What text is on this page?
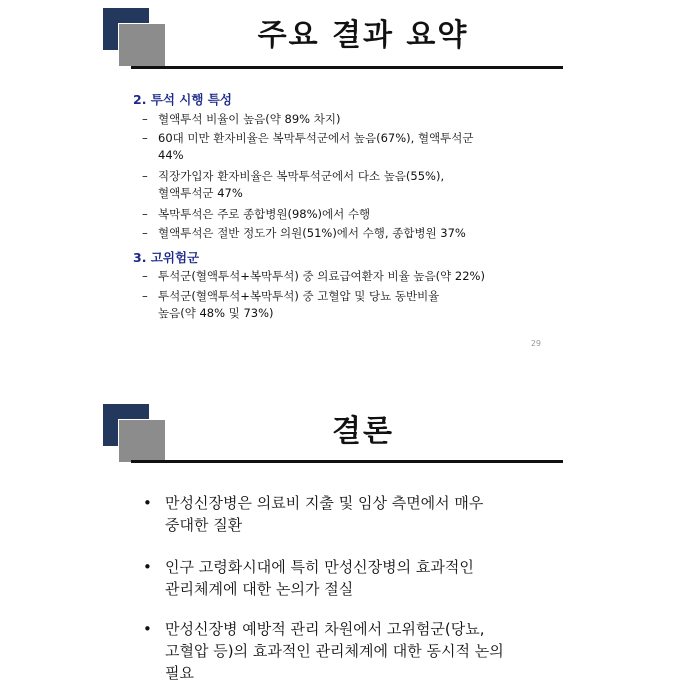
주요 결과 요약
2. 투석 시행 특성
– 혈액투석 비율이 높음(약 89% 차지)
– 60대 미만 환자비율은 복막투석군에서 높음(67%), 혈액투석군
44%
– 직장가입자 환자비율은 복막투석군에서 다소 높음(55%),
혈액투석군 47%
– 복막투석은 주로 종합병원(98%)에서 수행
– 혈액투석은 절반 정도가 의원(51%)에서 수행, 종합병원 37%
3. 고위험군
– 투석군(혈액투석+복막투석) 중 의료급여환자 비율 높음(약 22%)
– 투석군(혈액투석+복막투석) 중 고혈압 및 당뇨 동반비율
높음(약 48% 및 73%)
29
결론
• 만성신장병은 의료비 지출 및 임상 측면에서 매우
중대한 질환
• 인구 고령화시대에 특히 만성신장병의 효과적인
관리체계에 대한 논의가 절실
• 만성신장병 예방적 관리 차원에서 고위험군(당뇨,
고혈압 등)의 효과적인 관리체계에 대한 동시적 논의
필요
